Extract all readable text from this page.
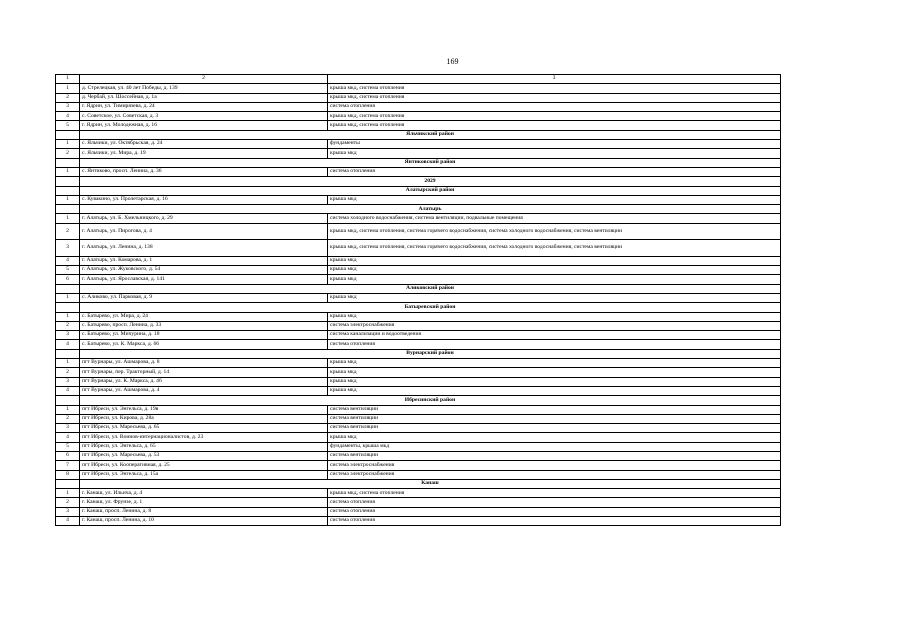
169
1	2	3
1	д. Стрелецкая, ул. 40 лет Победы, д. 139	крыша мкд, система отопления
2	д. Чербай, ул. Шоссейная, д. 1а	крыша мкд, система отопления
3	г. Ядрин, ул. Тимирязева, д. 24	система отопления
4	с. Советское, ул. Советская, д. 3	крыша мкд, система отопления
5	г. Ядрин, ул. Молодежная, д. 16	крыша мкд, система отопления
	Яльчикский район	
1	с. Яльчики, ул. Октябрьская, д. 24	фундаменты
2	с. Яльчики, ул. Мира, д. 19	крыша мкд
	Янтиковский район	
1	с. Янтиково, просп. Ленина, д. 36	система отопления
	2029	
	Алатырский район	
1	с. Кувакино, ул. Пролетарская, д. 16	крыша мкд
	Алатырь	
1	г. Алатырь, ул. Б. Хмельницкого, д. 29	система холодного водоснабжения, система вентиляции, подвальные помещения
2	г. Алатырь, ул. Пирогова, д. 4	крыша мкд, система отопления, система горячего водоснабжения, система холодного водоснабжения, система вентиляции
3	г. Алатырь, ул. Ленина, д. 138	крыша мкд, система отопления, система горячего водоснабжения, система холодного водоснабжения, система вентиляции
4	г. Алатырь, ул. Комарова, д. 1	крыша мкд
5	г. Алатырь, ул. Жуковского, д. 54	крыша мкд
6	г. Алатырь, ул. Ярославская, д. 141	крыша мкд
	Аликовский район	
1	с. Аликово, ул. Парковая, д. 9	крыша мкд
	Батыревский район	
1	с. Батырево, ул. Мира, д. 24	крыша мкд
2	с. Батырево, просп. Ленина, д. 33	система электроснабжения
3	с. Батырево, ул. Мичурина, д. 18	система канализации и водоотведения
4	с. Батырево, ул. К. Маркса, д. 66	система отопления
	Вурнарский район	
1	пгт Вурнары, ул. Ашмарова, д. 8	крыша мкд
2	пгт Вурнары, пер. Тракторный, д. 14	крыша мкд
3	пгт Вурнары, ул. К. Маркса, д. 46	крыша мкд
4	пгт Вурнары, ул. Ашмарова, д. 4	крыша мкд
	Ибресинский район	
1	пгт Ибреси, ул. Энгельса, д. 19в	система вентиляции
2	пгт Ибреси, ул. Кирова, д. 28а	система вентиляции
3	пгт Ибреси, ул. Маресьева, д. 65	система вентиляции
4	пгт Ибреси, ул. Воинов-интернационалистов, д. 23	крыша мкд
5	пгт Ибреси, ул. Энгельса, д. 65	фундаменты, крыша мкд
6	пгт Ибреси, ул. Маресьева, д. 53	система вентиляции
7	пгт Ибреси, ул. Кооперативная, д. 25	система электроснабжения
8	пгт Ибреси, ул. Энгельса, д. 15а	система электроснабжения
	Канаш	
1	г. Канаш, ул. Ильича, д. 4	крыша мкд, система отопления
2	г. Канаш, ул. Фрунзе, д. 1	система отопления
3	г. Канаш, просп. Ленина, д. 8	система отопления
4	г. Канаш, просп. Ленина, д. 10	система отопления
